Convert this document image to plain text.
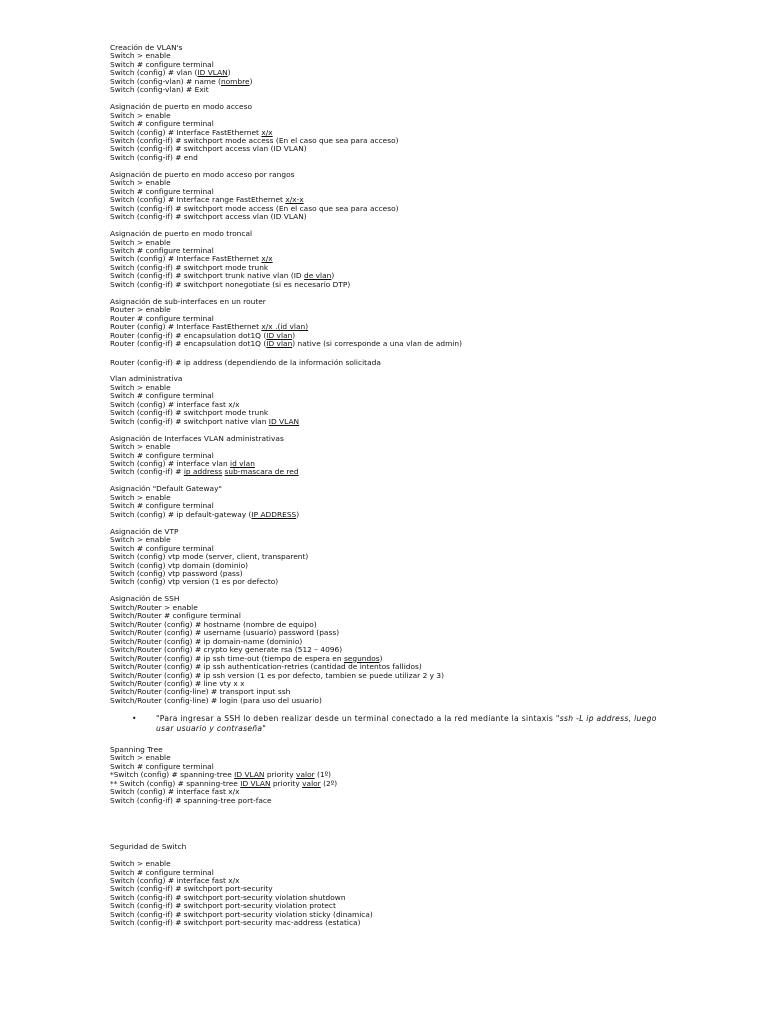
Creación de VLAN's
Switch > enable
Switch # configure terminal
Switch (config) # vlan (ID VLAN)
Switch (config-vlan) # name (nombre)
Switch (config-vlan) # Exit
Asignación de puerto en modo acceso
Switch > enable
Switch # configure terminal
Switch (config) # Interface FastEthernet x/x
Switch (config-if) # switchport mode access (En el caso que sea para acceso)
Switch (config-if) # switchport access vlan (ID VLAN)
Switch (config-if) # end
Asignación de puerto en modo acceso por rangos
Switch > enable
Switch # configure terminal
Switch (config) # Interface range FastEthernet x/x-x
Switch (config-if) # switchport mode access (En el caso que sea para acceso)
Switch (config-if) # switchport access vlan (ID VLAN)
Asignación de puerto en modo troncal
Switch > enable
Switch # configure terminal
Switch (config) # Interface FastEthernet x/x
Switch (config-if) # switchport mode trunk
Switch (config-if) # switchport trunk native vlan (ID de vlan)
Switch (config-if) # switchport nonegotiate (si es necesario DTP)
Asignación de sub-interfaces en un router
Router > enable
Router # configure terminal
Router (config) # Interface FastEthernet x/x .(id vlan)
Router (config-if) # encapsulation dot1Q (ID vlan)
Router (config-if) # encapsulation dot1Q (ID vlan) native (si corresponde a una vlan de admin)
Router (config-if) # ip address (dependiendo de la información solicitada
Vlan administrativa
Switch > enable
Switch # configure terminal
Switch (config) # interface fast x/x
Switch (config-if) # switchport mode trunk
Switch (config-if) # switchport native vlan ID VLAN
Asignación de Interfaces VLAN administrativas
Switch > enable
Switch # configure terminal
Switch (config) # interface vlan id vlan
Switch (config-if) # ip address sub-mascara de red
Asignación "Default Gateway"
Switch > enable
Switch # configure terminal
Switch (config) # ip default-gateway (IP ADDRESS)
Asignación de VTP
Switch > enable
Switch # configure terminal
Switch (config) vtp mode (server, client, transparent)
Switch (config) vtp domain (dominio)
Switch (config) vtp password (pass)
Switch (config) vtp version (1 es por defecto)
Asignación de SSH
Switch/Router > enable
Switch/Router # configure terminal
Switch/Router (config) # hostname (nombre de equipo)
Switch/Router (config) # username (usuario) password (pass)
Switch/Router (config) # ip domain-name (dominio)
Switch/Router (config) # crypto key generate rsa (512 – 4096)
Switch/Router (config) # ip ssh time-out (tiempo de espera en segundos)
Switch/Router (config) # ip ssh authentication-retries (cantidad de intentos fallidos)
Switch/Router (config) # ip ssh version (1 es por defecto, tambien se puede utilizar 2 y 3)
Switch/Router (config) # line vty x x
Switch/Router (config-line) # transport input ssh
Switch/Router (config-line) # login (para uso del usuario)
•	"Para ingresar a SSH lo deben realizar desde un terminal conectado a la red mediante la sintaxis "ssh -L ip address, luego usar usuario y contraseña"
Spanning Tree
Switch > enable
Switch # configure terminal
*Switch (config) # spanning-tree ID VLAN priority valor (1º)
** Switch (config) # spanning-tree ID VLAN priority valor (2º)
Switch (config) # interface fast x/x
Switch (config-if) # spanning-tree port-face
Seguridad de Switch
Switch > enable
Switch # configure terminal
Switch (config) # interface fast x/x
Switch (config-if) # switchport port-security
Switch (config-if) # switchport port-security violation shutdown
Switch (config-if) # switchport port-security violation protect
Switch (config-if) # switchport port-security violation sticky (dinamica)
Switch (config-if) # switchport port-security mac-address (estatica)
